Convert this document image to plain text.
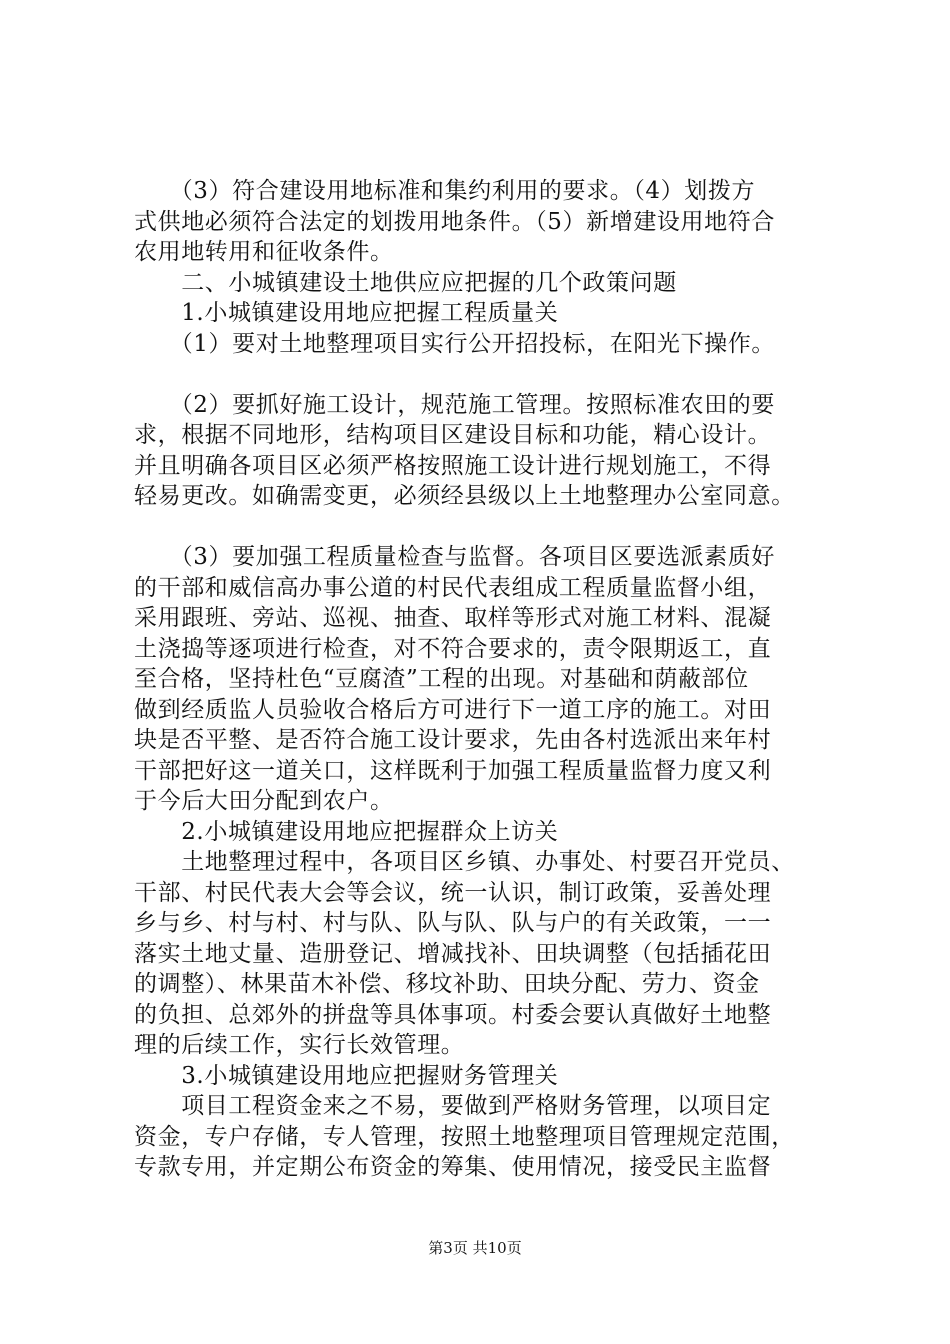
　　（3）符合建设用地标准和集约利用的要求。（4）划拨方
式供地必须符合法定的划拨用地条件。（5）新增建设用地符合
农用地转用和征收条件。
　　二、小城镇建设土地供应应把握的几个政策问题
　　1.小城镇建设用地应把握工程质量关
　　（1）要对土地整理项目实行公开招投标，在阳光下操作。
　　（2）要抓好施工设计，规范施工管理。按照标准农田的要
求，根据不同地形，结构项目区建设目标和功能，精心设计。
并且明确各项目区必须严格按照施工设计进行规划施工，不得
轻易更改。如确需变更，必须经县级以上土地整理办公室同意。
　　（3）要加强工程质量检查与监督。各项目区要选派素质好
的干部和威信高办事公道的村民代表组成工程质量监督小组，
采用跟班、旁站、巡视、抽查、取样等形式对施工材料、混凝
土浇捣等逐项进行检查，对不符合要求的，责令限期返工，直
至合格，坚持杜色“豆腐渣”工程的出现。对基础和荫蔽部位
做到经质监人员验收合格后方可进行下一道工序的施工。对田
块是否平整、是否符合施工设计要求，先由各村选派出来年村
干部把好这一道关口，这样既利于加强工程质量监督力度又利
于今后大田分配到农户。
　　2.小城镇建设用地应把握群众上访关
　　土地整理过程中，各项目区乡镇、办事处、村要召开党员、
干部、村民代表大会等会议，统一认识，制订政策，妥善处理
乡与乡、村与村、村与队、队与队、队与户的有关政策，一一
落实土地丈量、造册登记、增减找补、田块调整（包括插花田
的调整）、林果苗木补偿、移坟补助、田块分配、劳力、资金
的负担、总郊外的拼盘等具体事项。村委会要认真做好土地整
理的后续工作，实行长效管理。
　　3.小城镇建设用地应把握财务管理关
　　项目工程资金来之不易，要做到严格财务管理，以项目定
资金，专户存储，专人管理，按照土地整理项目管理规定范围，
专款专用，并定期公布资金的筹集、使用情况，接受民主监督
第3页 共10页
